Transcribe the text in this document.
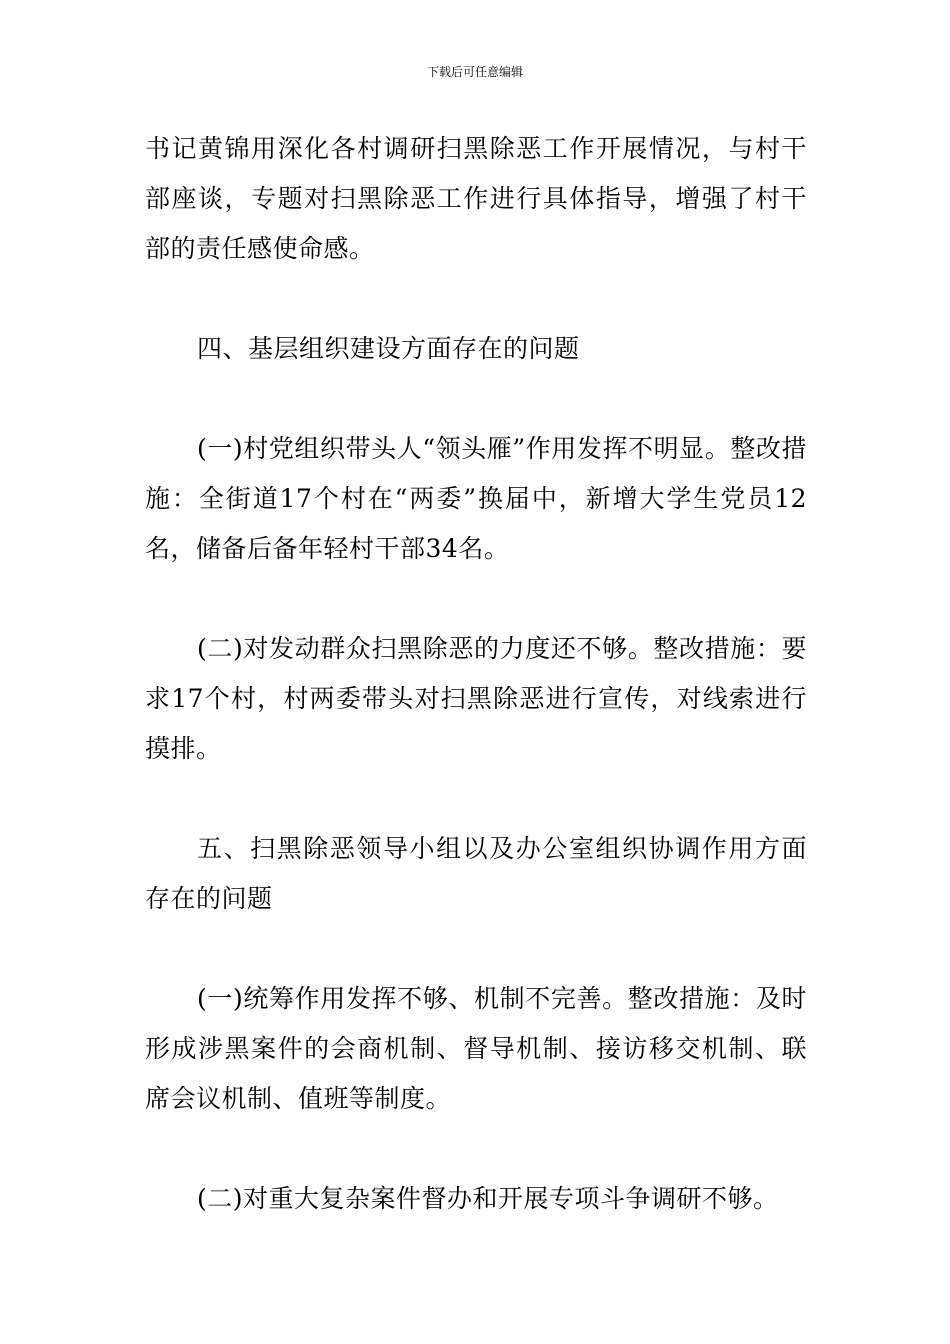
下载后可任意编辑

书记黄锦用深化各村调研扫黑除恶工作开展情况，与村干部座谈，专题对扫黑除恶工作进行具体指导，增强了村干部的责任感使命感。

四、基层组织建设方面存在的问题

(一)村党组织带头人“领头雁”作用发挥不明显。整改措施：全街道17个村在“两委”换届中，新增大学生党员12名，储备后备年轻村干部34名。

(二)对发动群众扫黑除恶的力度还不够。整改措施：要求17个村，村两委带头对扫黑除恶进行宣传，对线索进行摸排。

五、扫黑除恶领导小组以及办公室组织协调作用方面存在的问题

(一)统筹作用发挥不够、机制不完善。整改措施：及时形成涉黑案件的会商机制、督导机制、接访移交机制、联席会议机制、值班等制度。

(二)对重大复杂案件督办和开展专项斗争调研不够。
